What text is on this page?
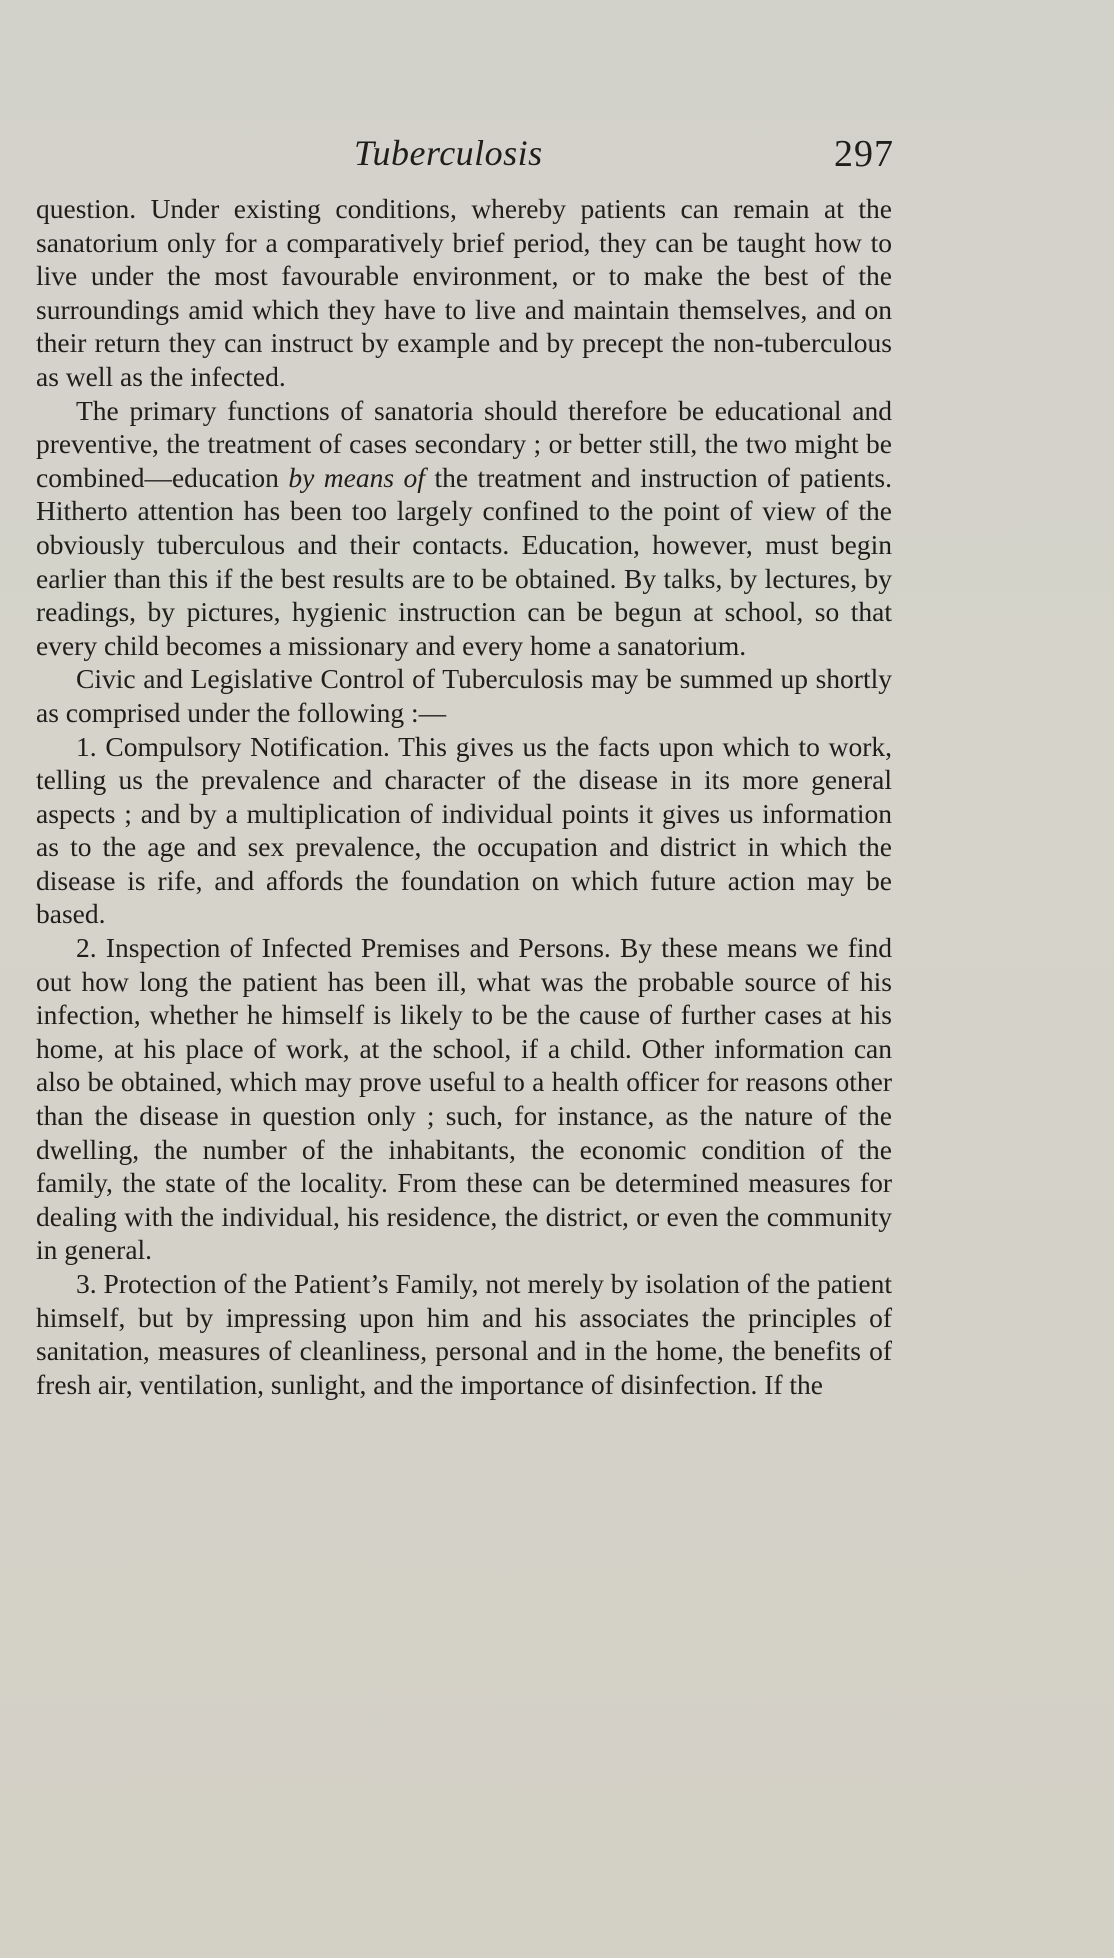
Tuberculosis	297

question. Under existing conditions, whereby patients can remain at the sanatorium only for a comparatively brief period, they can be taught how to live under the most favourable environment, or to make the best of the surroundings amid which they have to live and maintain themselves, and on their return they can instruct by example and by precept the non-tuberculous as well as the infected.

The primary functions of sanatoria should therefore be educational and preventive, the treatment of cases secondary ; or better still, the two might be combined—education by means of the treatment and instruction of patients. Hitherto attention has been too largely confined to the point of view of the obviously tuberculous and their contacts. Education, however, must begin earlier than this if the best results are to be obtained. By talks, by lectures, by readings, by pictures, hygienic instruction can be begun at school, so that every child becomes a missionary and every home a sanatorium.

Civic and Legislative Control of Tuberculosis may be summed up shortly as comprised under the following :—

1. Compulsory Notification. This gives us the facts upon which to work, telling us the prevalence and character of the disease in its more general aspects ; and by a multiplication of individual points it gives us information as to the age and sex prevalence, the occupation and district in which the disease is rife, and affords the foundation on which future action may be based.

2. Inspection of Infected Premises and Persons. By these means we find out how long the patient has been ill, what was the probable source of his infection, whether he himself is likely to be the cause of further cases at his home, at his place of work, at the school, if a child. Other information can also be obtained, which may prove useful to a health officer for reasons other than the disease in question only ; such, for instance, as the nature of the dwelling, the number of the inhabitants, the economic condition of the family, the state of the locality. From these can be determined measures for dealing with the individual, his residence, the district, or even the community in general.

3. Protection of the Patient’s Family, not merely by isolation of the patient himself, but by impressing upon him and his associates the principles of sanitation, measures of cleanliness, personal and in the home, the benefits of fresh air, ventilation, sunlight, and the importance of disinfection. If the
